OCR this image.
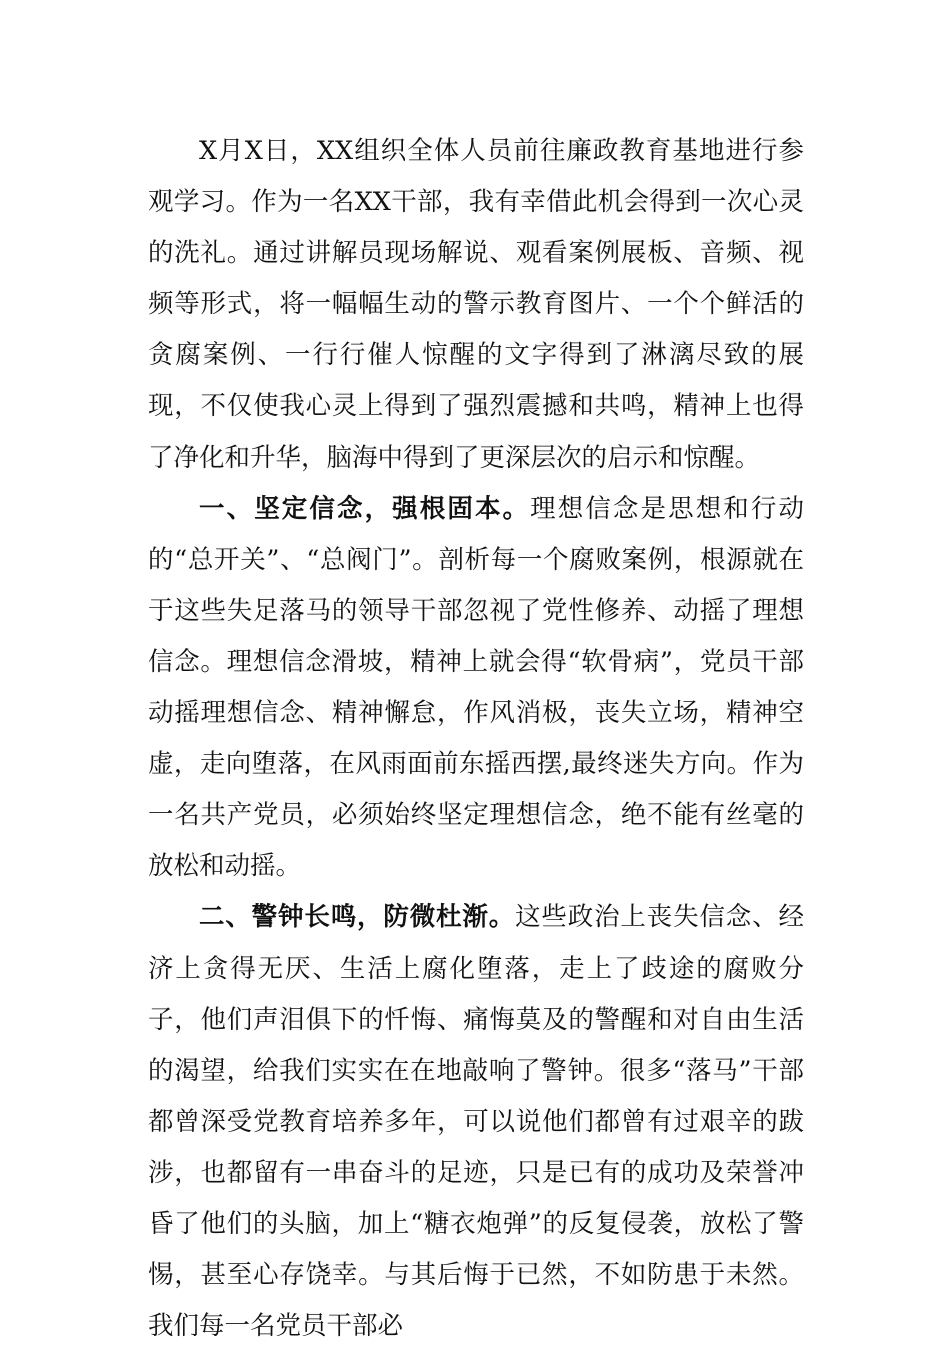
X月X日，XX组织全体人员前往廉政教育基地进行参观学习。作为一名XX干部，我有幸借此机会得到一次心灵的洗礼。通过讲解员现场解说、观看案例展板、音频、视频等形式，将一幅幅生动的警示教育图片、一个个鲜活的贪腐案例、一行行催人惊醒的文字得到了淋漓尽致的展现，不仅使我心灵上得到了强烈震撼和共鸣，精神上也得了净化和升华，脑海中得到了更深层次的启示和惊醒。

一、坚定信念，强根固本。理想信念是思想和行动的“总开关”、“总阀门”。剖析每一个腐败案例，根源就在于这些失足落马的领导干部忽视了党性修养、动摇了理想信念。理想信念滑坡，精神上就会得“软骨病”，党员干部动摇理想信念、精神懈怠，作风消极，丧失立场，精神空虚，走向堕落，在风雨面前东摇西摆,最终迷失方向。作为一名共产党员，必须始终坚定理想信念，绝不能有丝毫的放松和动摇。

二、警钟长鸣，防微杜渐。这些政治上丧失信念、经济上贪得无厌、生活上腐化堕落，走上了歧途的腐败分子，他们声泪俱下的忏悔、痛悔莫及的警醒和对自由生活的渴望，给我们实实在在地敲响了警钟。很多“落马”干部都曾深受党教育培养多年，可以说他们都曾有过艰辛的跋涉，也都留有一串奋斗的足迹，只是已有的成功及荣誉冲昏了他们的头脑，加上“糖衣炮弹”的反复侵袭，放松了警惕，甚至心存饶幸。与其后悔于已然，不如防患于未然。我们每一名党员干部必
